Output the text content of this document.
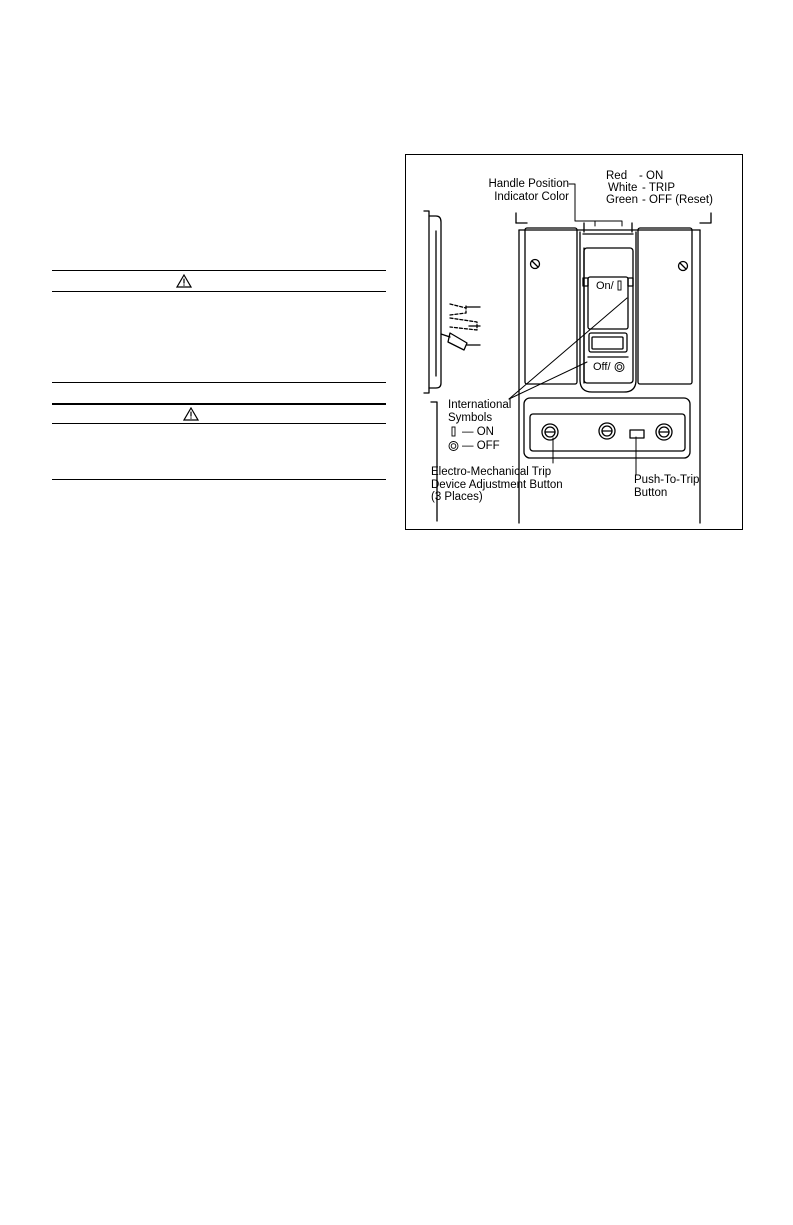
Handle Position
Indicator Color
Red - ON
White - TRIP
Green - OFF (Reset)
On/
Off/
International
Symbols
— ON
— OFF
Electro-Mechanical Trip
Device Adjustment Button
(3 Places)
Push-To-Trip
Button
